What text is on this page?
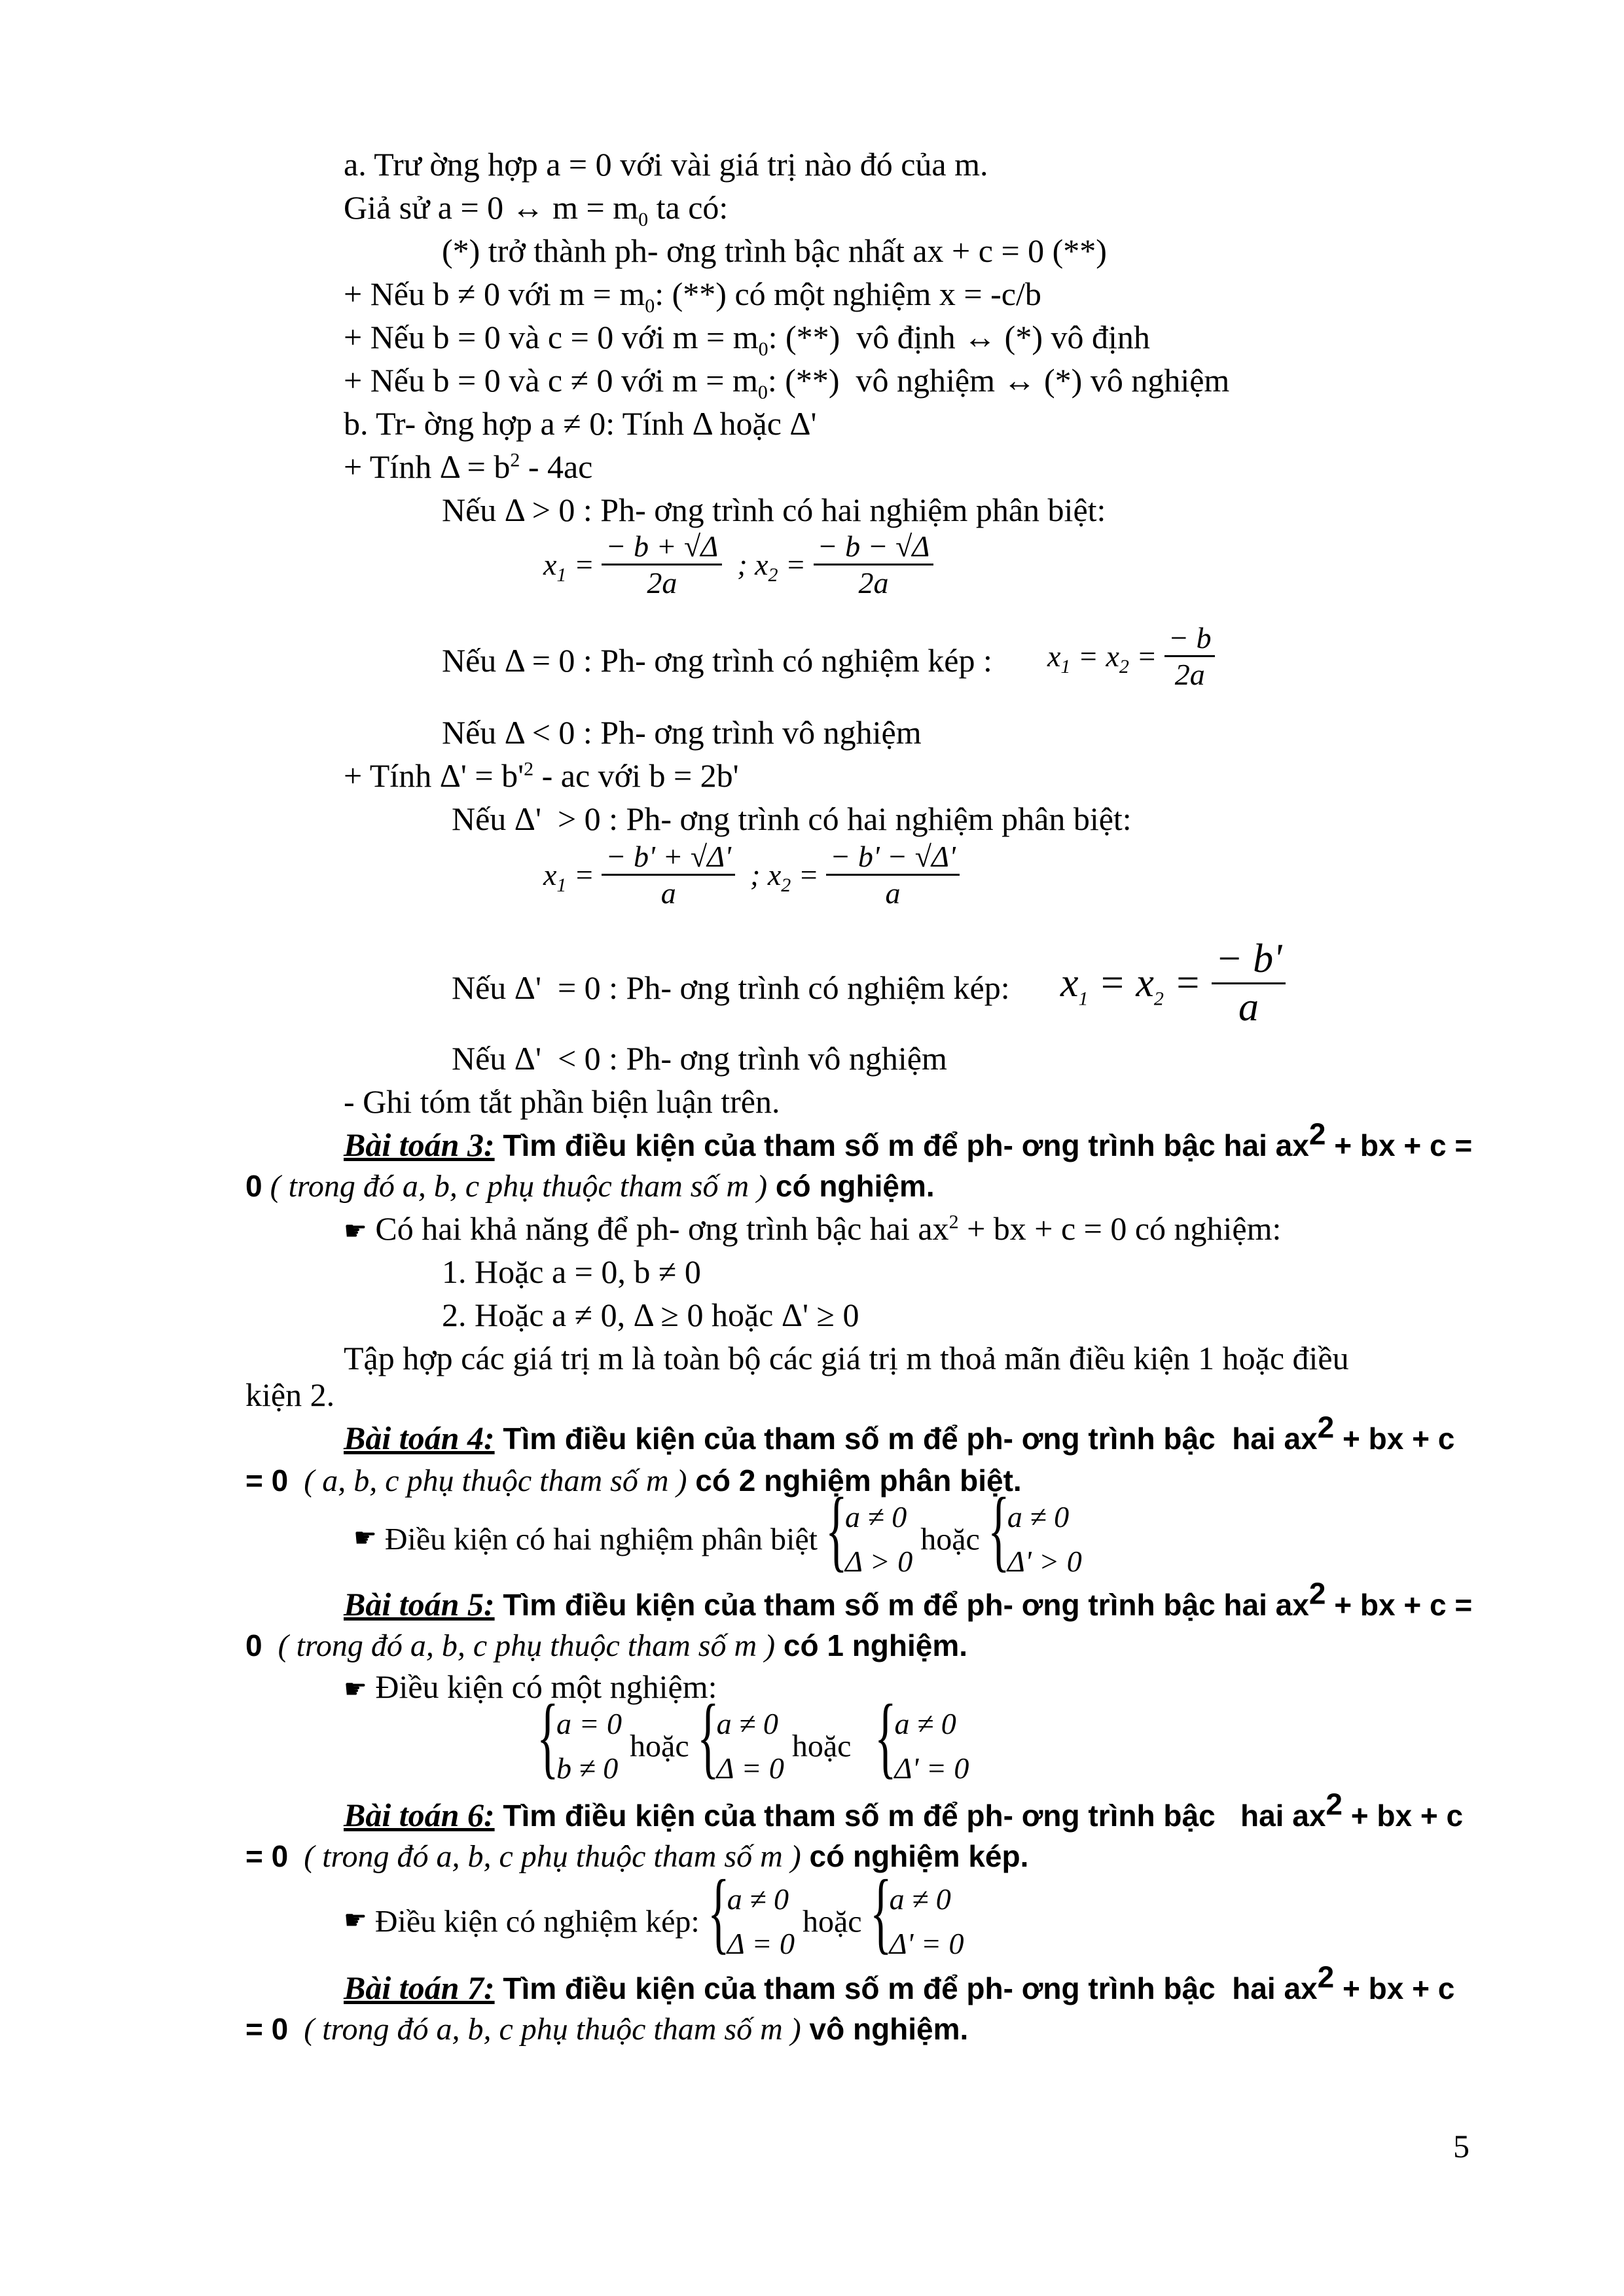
a. Trư ờng hợp a = 0 với vài giá trị nào đó của m.
Giả sử a = 0 ↔ $m = m_0$ ta có:
(*) trở thành ph- ơng trình bậc nhất ax + c = 0 (**)
+ Nếu b ≠ 0 với $m = m_0$: (**) có một nghiệm x = -c/b
+ Nếu b = 0 và c = 0 với $m = m_0$: (**)  vô định ↔ (*) vô định
+ Nếu b = 0 và c ≠ 0 với $m = m_0$: (**)  vô nghiệm ↔ (*) vô nghiệm
b. Tr- ờng hợp a ≠ 0: Tính Δ hoặc Δ'
+ Tính $\Delta = b^2 - 4ac$
Nếu Δ > 0 : Ph- ơng trình có hai nghiệm phân biệt:
$x_1 = \frac{- b + √\Delta}{2a}$ ; $x_2 = \frac{- b - √\Delta}{2a}$
Nếu Δ = 0 : Ph- ơng trình có nghiệm kép : $x_1 = x_2 = \frac{- b}{2a}$
Nếu Δ < 0 : Ph- ơng trình vô nghiệm
+ Tính $\Delta' = b'^2$ - ac với b = 2b'
Nếu Δ'  > 0 : Ph- ơng trình có hai nghiệm phân biệt:
$x_1 = \frac{- b' + √\Delta'}{a}$ ; $x_2 = \frac{- b' - √\Delta'}{a}$
Nếu Δ'  = 0 : Ph- ơng trình có nghiệm kép: $x_1 = x_2 = \frac{- b'}{a}$
Nếu Δ'  < 0 : Ph- ơng trình vô nghiệm
- Ghi tóm tắt phần biện luận trên.
Bài toán 3: Tìm điều kiện của tham số m để ph- ơng trình bậc hai $ax^2$ + bx + c =
0 ( trong đó a, b, c phụ thuộc tham số m ) có nghiệm.
☛ Có hai khả năng để ph- ơng trình bậc hai $ax^2$ + bx + c = 0 có nghiệm:
1. Hoặc a = 0, b ≠ 0
2. Hoặc a ≠ 0, Δ ≥ 0 hoặc Δ' ≥ 0
Tập hợp các giá trị m là toàn bộ các giá trị m thoả mãn điều kiện 1 hoặc điều
kiện 2.
Bài toán 4: Tìm điều kiện của tham số m để ph- ơng trình bậc  hai $ax^2$ + bx + c
= 0  ( a, b, c phụ thuộc tham số m ) có 2 nghiệm phân biệt.
☛ Điều kiện có hai nghiệm phân biệt {
a ≠ 0
Δ > 0
hoặc {
a ≠ 0
Δ' > 0
Bài toán 5: Tìm điều kiện của tham số m để ph- ơng trình bậc hai $ax^2$ + bx + c =
0  ( trong đó a, b, c phụ thuộc tham số m ) có 1 nghiệm.
☛ Điều kiện có một nghiệm:
{
a = 0
b ≠ 0
hoặc {
a ≠ 0
Δ = 0
hoặc {
a ≠ 0
Δ' = 0
Bài toán 6: Tìm điều kiện của tham số m để ph- ơng trình bậc   hai $ax^2$ + bx + c
= 0  ( trong đó a, b, c phụ thuộc tham số m ) có nghiệm kép.
☛ Điều kiện có nghiệm kép: {
a ≠ 0
Δ = 0
hoặc {
a ≠ 0
Δ' = 0
Bài toán 7: Tìm điều kiện của tham số m để ph- ơng trình bậc  hai $ax^2$ + bx + c
= 0  ( trong đó a, b, c phụ thuộc tham số m ) vô nghiệm.
5
